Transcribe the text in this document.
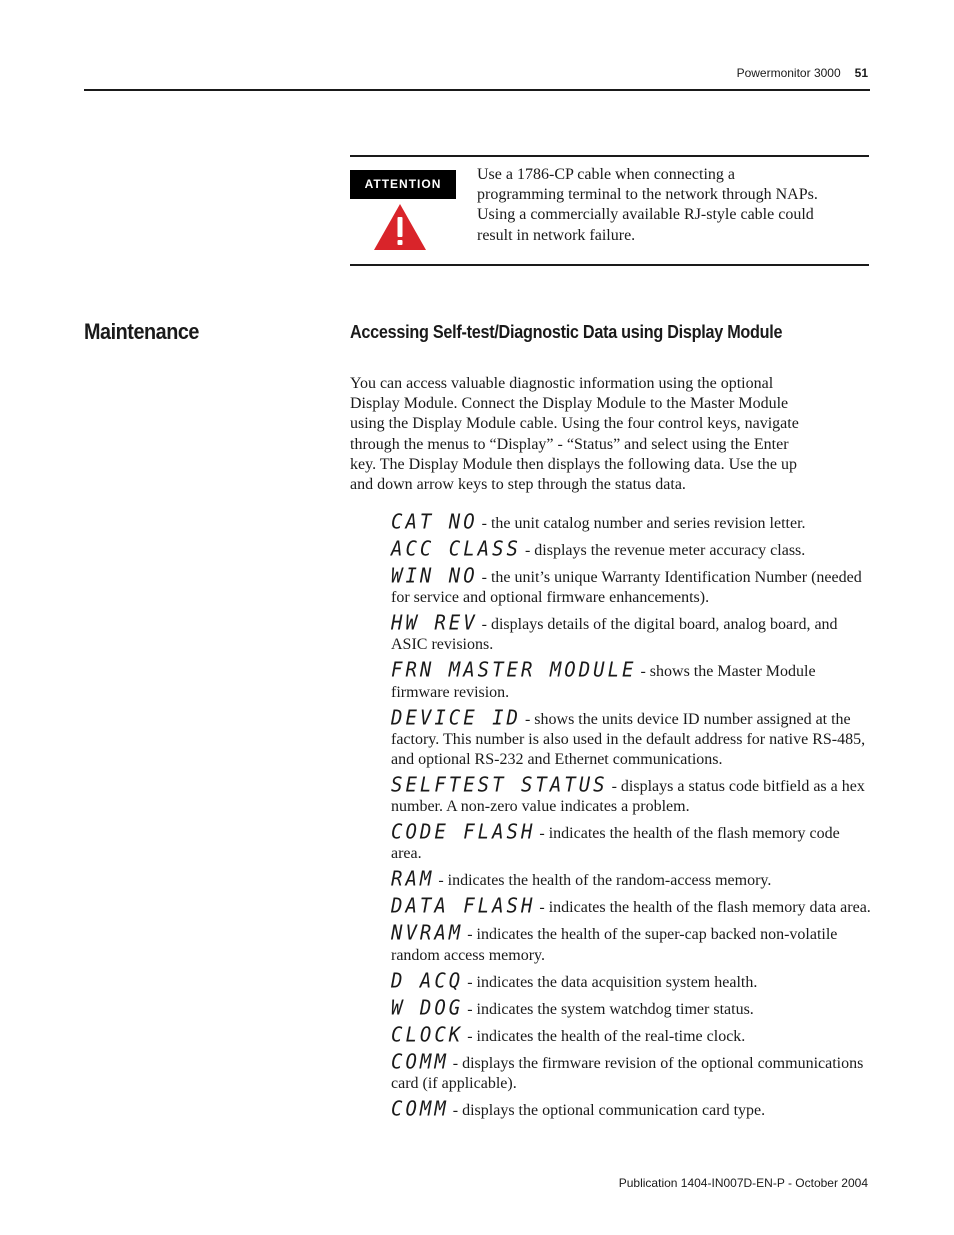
Powermonitor 3000 51
ATTENTION
Use a 1786-CP cable when connecting a
programming terminal to the network through NAPs.
Using a commercially available RJ-style cable could
result in network failure.
Maintenance	Accessing Self-test/Diagnostic Data using Display Module
You can access valuable diagnostic information using the optional
Display Module. Connect the Display Module to the Master Module
using the Display Module cable. Using the four control keys, navigate
through the menus to “Display” - “Status” and select using the Enter
key. The Display Module then displays the following data. Use the up
and down arrow keys to step through the status data.
CAT NO - the unit catalog number and series revision letter.
ACC CLASS - displays the revenue meter accuracy class.
WIN NO - the unit’s unique Warranty Identification Number (needed for service and optional firmware enhancements).
HW REV - displays details of the digital board, analog board, and ASIC revisions.
FRN MASTER MODULE - shows the Master Module firmware revision.
DEVICE ID - shows the units device ID number assigned at the factory. This number is also used in the default address for native RS-485, and optional RS-232 and Ethernet communications.
SELFTEST STATUS - displays a status code bitfield as a hex number. A non-zero value indicates a problem.
CODE FLASH - indicates the health of the flash memory code area.
RAM - indicates the health of the random-access memory.
DATA FLASH - indicates the health of the flash memory data area.
NVRAM - indicates the health of the super-cap backed non-volatile random access memory.
D ACQ - indicates the data acquisition system health.
W DOG - indicates the system watchdog timer status.
CLOCK - indicates the health of the real-time clock.
COMM - displays the firmware revision of the optional communications card (if applicable).
COMM - displays the optional communication card type.
Publication 1404-IN007D-EN-P - October 2004
